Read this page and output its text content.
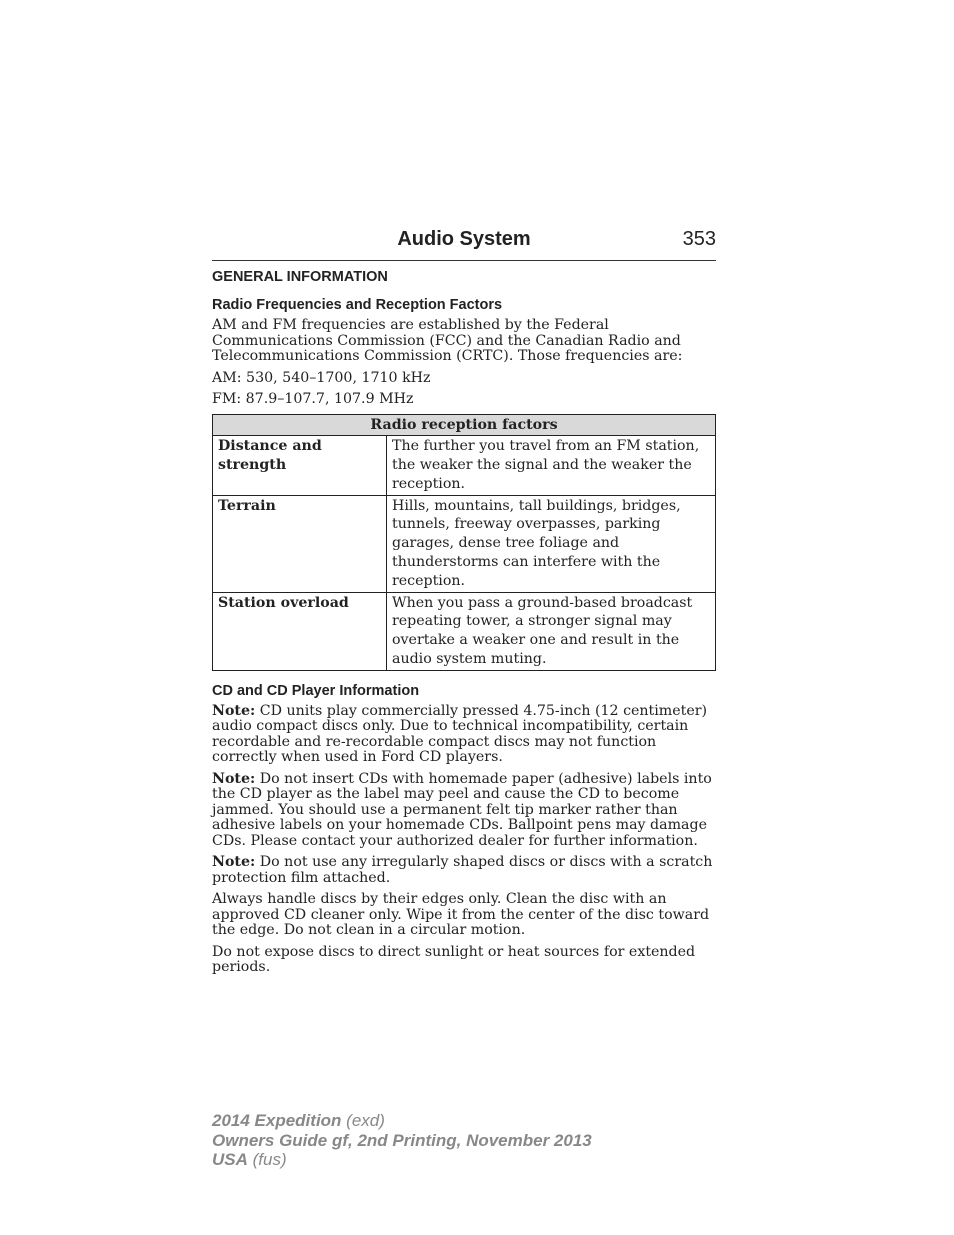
Audio System	353
GENERAL INFORMATION
Radio Frequencies and Reception Factors

AM and FM frequencies are established by the Federal Communications Commission (FCC) and the Canadian Radio and Telecommunications Commission (CRTC). Those frequencies are:

AM: 530, 540–1700, 1710 kHz

FM: 87.9–107.7, 107.9 MHz

Radio reception factors	
Distance and strength	The further you travel from an FM station, the weaker the signal and the weaker the reception.
Terrain	Hills, mountains, tall buildings, bridges, tunnels, freeway overpasses, parking garages, dense tree foliage and thunderstorms can interfere with the reception.
Station overload	When you pass a ground-based broadcast repeating tower, a stronger signal may overtake a weaker one and result in the audio system muting.
CD and CD Player Information

Note: CD units play commercially pressed 4.75-inch (12 centimeter) audio compact discs only. Due to technical incompatibility, certain recordable and re-recordable compact discs may not function correctly when used in Ford CD players.

Note: Do not insert CDs with homemade paper (adhesive) labels into the CD player as the label may peel and cause the CD to become jammed. You should use a permanent felt tip marker rather than adhesive labels on your homemade CDs. Ballpoint pens may damage CDs. Please contact your authorized dealer for further information.

Note: Do not use any irregularly shaped discs or discs with a scratch protection film attached.

Always handle discs by their edges only. Clean the disc with an approved CD cleaner only. Wipe it from the center of the disc toward the edge. Do not clean in a circular motion.

Do not expose discs to direct sunlight or heat sources for extended periods.

2014 Expedition (exd)
Owners Guide gf, 2nd Printing, November 2013
USA (fus)
